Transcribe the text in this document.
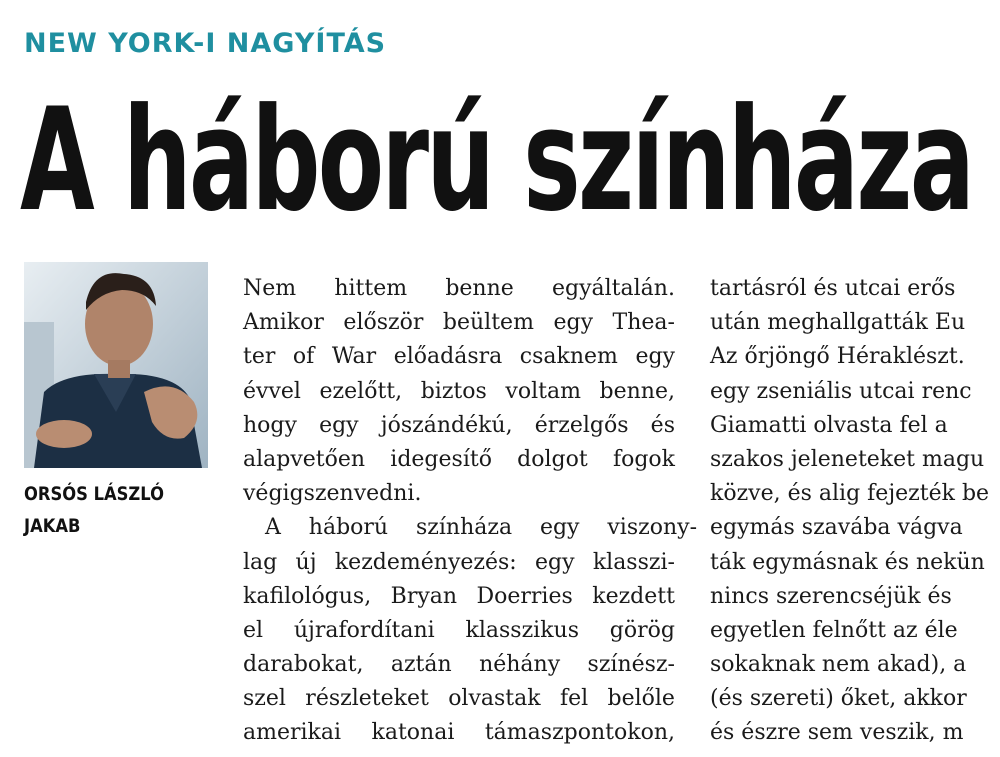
NEW YORK-I NAGYÍTÁS
A háború színháza
ORSÓS LÁSZLÓ
JAKAB
Nem hittem benne egyáltalán.
Amikor először beültem egy Thea-
ter of War előadásra csaknem egy
évvel ezelőtt, biztos voltam benne,
hogy egy jószándékú, érzelgős és
alapvetően idegesítő dolgot fogok
végigszenvedni.
A háború színháza egy viszony-
lag új kezdeményezés: egy klasszi-
kafilológus, Bryan Doerries kezdett
el újrafordítani klasszikus görög
darabokat, aztán néhány színész-
szel részleteket olvastak fel belőle
amerikai katonai támaszpontokon,
tartásról és utcai erős
után meghallgatták Eu
Az őrjöngő Héraklészt.
egy zseniális utcai renc
Giamatti olvasta fel a
szakos jeleneteket magu
közve, és alig fejezték be
egymás szavába vágva
ták egymásnak és nekün
nincs szerencséjük és
egyetlen felnőtt az éle
sokaknak nem akad), a
(és szereti) őket, akkor
és észre sem veszik, m
